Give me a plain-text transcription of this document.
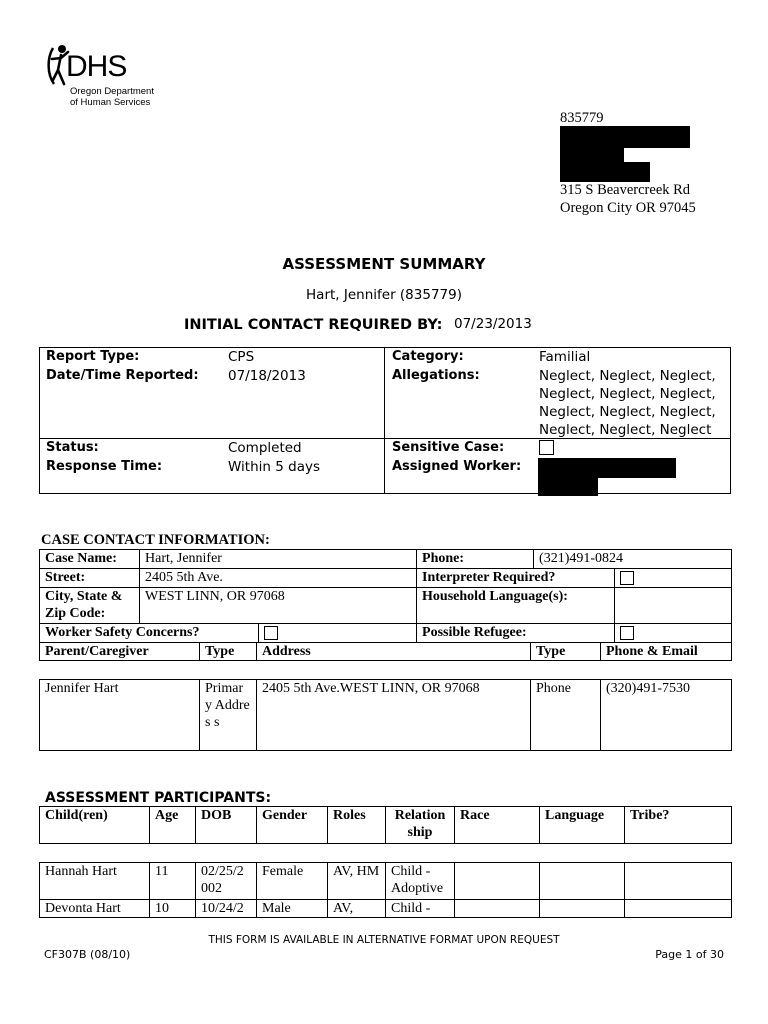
DHS
Oregon Department
of Human Services
835779
315 S Beavercreek Rd
Oregon City OR 97045
ASSESSMENT SUMMARY
Hart, Jennifer (835779)
INITIAL CONTACT REQUIRED BY: 07/23/2013
Report Type:	CPS	Category:	Familial
Date/Time Reported: 07/18/2013	Allegations:	Neglect, Neglect, Neglect,
Neglect, Neglect, Neglect,
Neglect, Neglect, Neglect,
Neglect, Neglect, Neglect
Status:	Completed	Sensitive Case:
Response Time:	Within 5 days	Assigned Worker:
CASE CONTACT INFORMATION:
Case Name:	Hart, Jennifer		Phone:	(321)491-0824	
Street:	2405 5th Ave.		Interpreter Required?		
City, State & Zip Code:	WEST LINN, OR 97068		Household Language(s):		
Worker Safety Concerns?			Possible Refugee:		
Parent/Caregiver	Type	Address	Type	Phone & Email
Jennifer Hart	Primar y Addres s	2405 5th Ave.WEST LINN, OR 97068	Phone	(320)491-7530
ASSESSMENT PARTICIPANTS:
Child(ren)	Age	DOB	Gender	Roles	Relation ship	Race	Language	Tribe?
Hannah Hart	11	02/25/2 002	Female	AV, HM	Child - Adoptive			
Devonta Hart	10	10/24/2	Male	AV,	Child -			
THIS FORM IS AVAILABLE IN ALTERNATIVE FORMAT UPON REQUEST
CF307B (08/10)	Page 1 of 30
